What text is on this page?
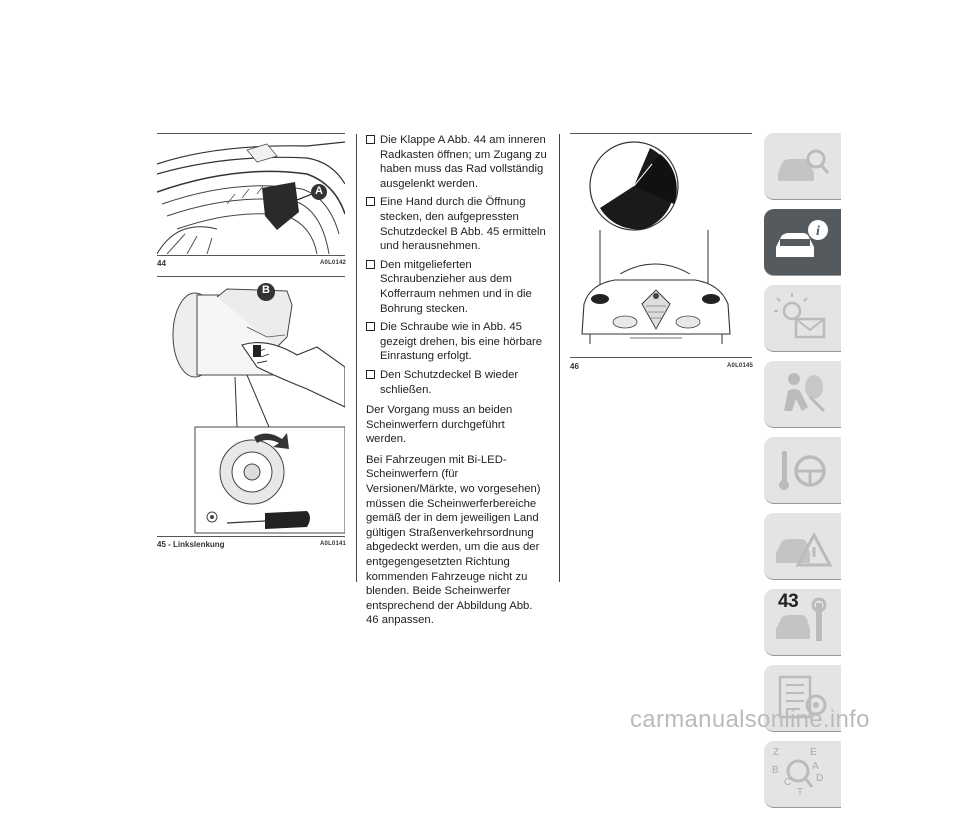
A
44	A0L0142
B
45 - Linkslenkung	A0L0141
Die Klappe A Abb. 44 am inneren Radkasten öffnen; um Zugang zu haben muss das Rad vollständig ausgelenkt werden.
Eine Hand durch die Öffnung stecken, den aufgepressten Schutzdeckel B Abb. 45 ermitteln und herausnehmen.
Den mitgelieferten Schraubenzieher aus dem Kofferraum nehmen und in die Bohrung stecken.
Die Schraube wie in Abb. 45 gezeigt drehen, bis eine hörbare Einrastung erfolgt.
Den Schutzdeckel B wieder schließen.

Der Vorgang muss an beiden Scheinwerfern durchgeführt werden.

Bei Fahrzeugen mit Bi-LED-Scheinwerfern (für Versionen/Märkte, wo vorgesehen) müssen die Scheinwerferbereiche gemäß der in dem jeweiligen Land gültigen Straßenverkehrsordnung abgedeckt werden, um die aus der entgegengesetzten Richtung kommenden Fahrzeuge nicht zu blenden. Beide Scheinwerfer entsprechend der Abbildung Abb. 46 anpassen.

46	A0L0145
i
Z	E
B	A
C D
T
43
carmanualsonline.info
